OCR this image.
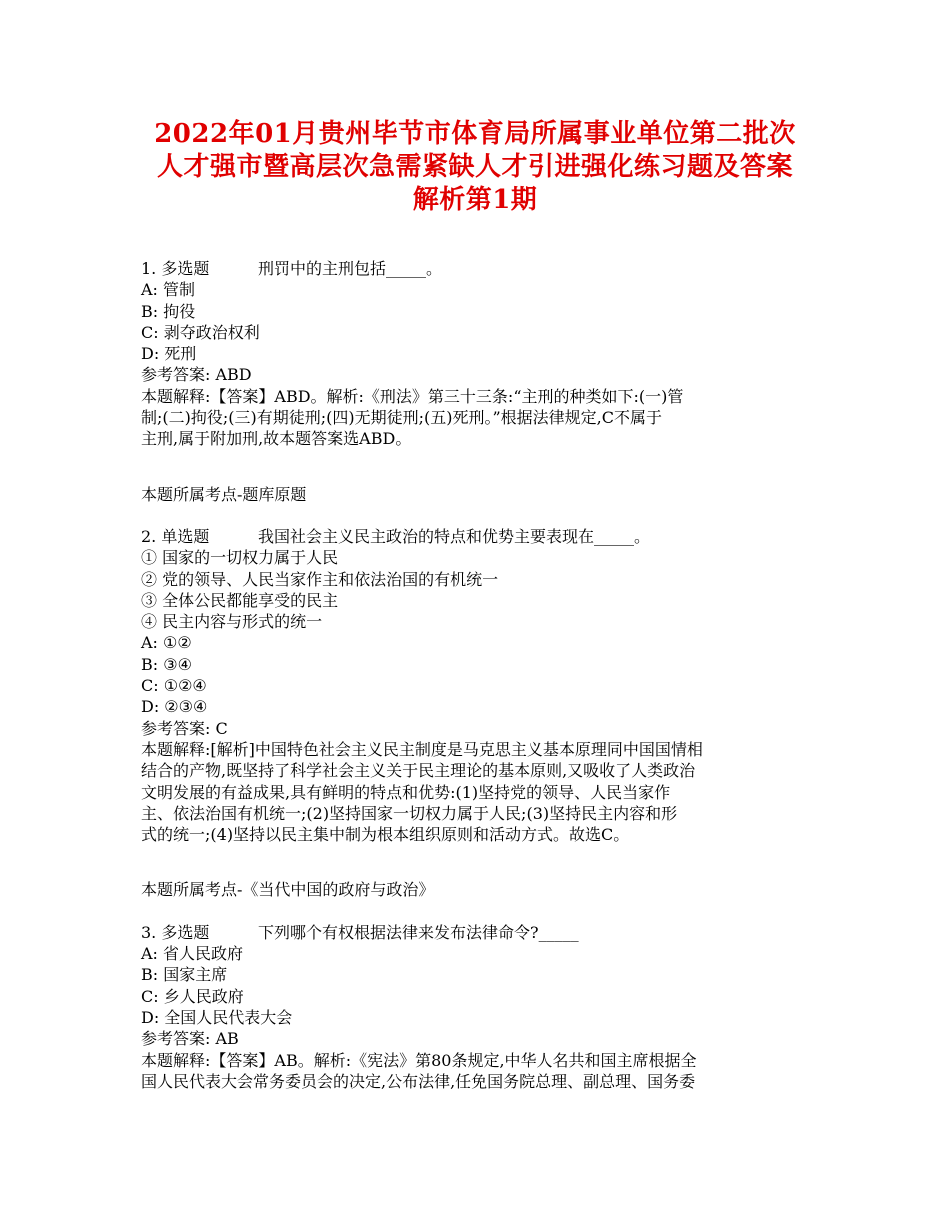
2022年01月贵州毕节市体育局所属事业单位第二批次
人才强市暨高层次急需紧缺人才引进强化练习题及答案
解析第1期
1. 多选题	刑罚中的主刑包括_____。
A: 管制
B: 拘役
C: 剥夺政治权利
D: 死刑
参考答案: ABD
本题解释:【答案】ABD。解析:《刑法》第三十三条:“主刑的种类如下:(一)管
制;(二)拘役;(三)有期徒刑;(四)无期徒刑;(五)死刑。”根据法律规定,C不属于
主刑,属于附加刑,故本题答案选ABD。
本题所属考点-题库原题
2. 单选题	我国社会主义民主政治的特点和优势主要表现在_____。
① 国家的一切权力属于人民
② 党的领导、人民当家作主和依法治国的有机统一
③ 全体公民都能享受的民主
④ 民主内容与形式的统一
A: ①②
B: ③④
C: ①②④
D: ②③④
参考答案: C
本题解释:[解析]中国特色社会主义民主制度是马克思主义基本原理同中国国情相
结合的产物,既坚持了科学社会主义关于民主理论的基本原则,又吸收了人类政治
文明发展的有益成果,具有鲜明的特点和优势:(1)坚持党的领导、人民当家作
主、依法治国有机统一;(2)坚持国家一切权力属于人民;(3)坚持民主内容和形
式的统一;(4)坚持以民主集中制为根本组织原则和活动方式。故选C。
本题所属考点-《当代中国的政府与政治》
3. 多选题	下列哪个有权根据法律来发布法律命令?_____
A: 省人民政府
B: 国家主席
C: 乡人民政府
D: 全国人民代表大会
参考答案: AB
本题解释:【答案】AB。解析:《宪法》第80条规定,中华人名共和国主席根据全
国人民代表大会常务委员会的决定,公布法律,任免国务院总理、副总理、国务委
